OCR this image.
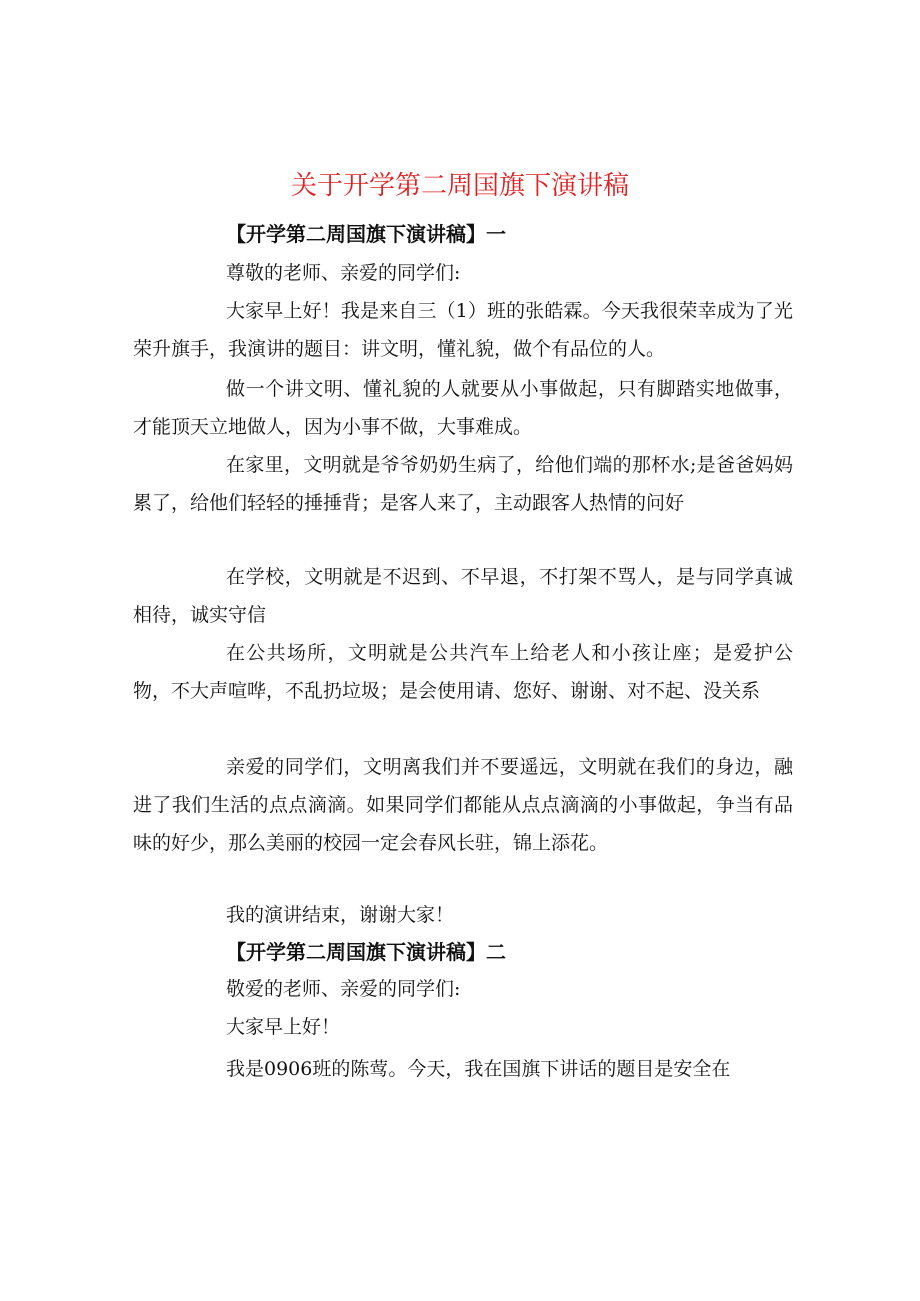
关于开学第二周国旗下演讲稿
【开学第二周国旗下演讲稿】一

尊敬的老师、亲爱的同学们:

大家早上好！我是来自三（1）班的张皓霖。今天我很荣幸成为了光荣升旗手，我演讲的题目：讲文明，懂礼貌，做个有品位的人。

做一个讲文明、懂礼貌的人就要从小事做起，只有脚踏实地做事，才能顶天立地做人，因为小事不做，大事难成。

在家里，文明就是爷爷奶奶生病了，给他们端的那杯水;是爸爸妈妈累了，给他们轻轻的捶捶背；是客人来了，主动跟客人热情的问好

在学校，文明就是不迟到、不早退，不打架不骂人，是与同学真诚相待，诚实守信

在公共场所，文明就是公共汽车上给老人和小孩让座；是爱护公物，不大声喧哗，不乱扔垃圾；是会使用请、您好、谢谢、对不起、没关系

亲爱的同学们，文明离我们并不要遥远，文明就在我们的身边，融进了我们生活的点点滴滴。如果同学们都能从点点滴滴的小事做起，争当有品味的好少，那么美丽的校园一定会春风长驻，锦上添花。

我的演讲结束，谢谢大家！

【开学第二周国旗下演讲稿】二

敬爱的老师、亲爱的同学们:

大家早上好！

我是0906班的陈莺。今天，我在国旗下讲话的题目是安全在
